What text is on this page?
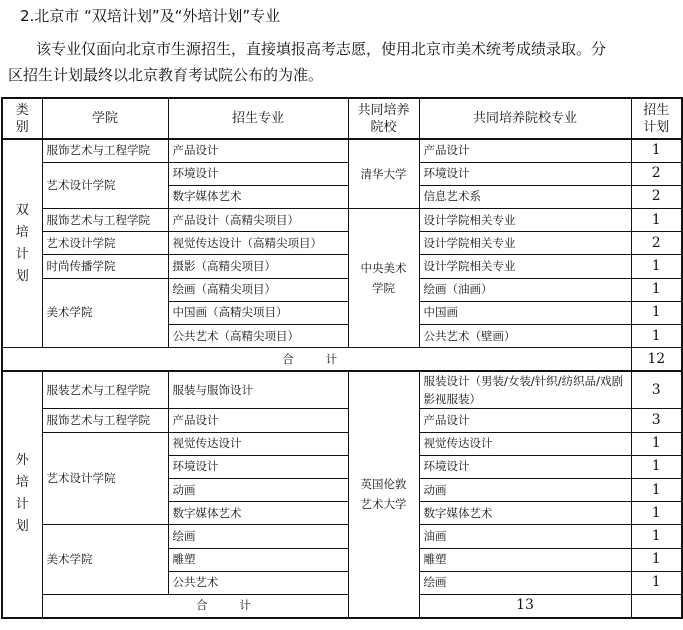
2.北京市 “双培计划”及“外培计划”专业
该专业仅面向北京市生源招生，直接填报高考志愿，使用北京市美术统考成绩录取。分
区招生计划最终以北京教育考试院公布的为准。
类别	学院	招生专业	共同培养院校	共同培养院校专业	招生计划
双培计划	服饰艺术与工程学院	产品设计	清华大学	产品设计	1
	艺术设计学院	环境设计		环境设计	2
		数字媒体艺术		信息艺术系	2
	服饰艺术与工程学院	产品设计（高精尖项目）	中央美术学院	设计学院相关专业	1
	艺术设计学院	视觉传达设计（高精尖项目）		设计学院相关专业	2
	时尚传播学院	摄影（高精尖项目）		设计学院相关专业	1
	美术学院	绘画（高精尖项目）		绘画（油画）	1
		中国画（高精尖项目）		中国画	1
		公共艺术（高精尖项目）		公共艺术（壁画）	1
合 计					12
外培计划	服装艺术与工程学院	服装与服饰设计	英国伦敦艺术大学	服装设计（男装/女装/针织/纺织品/戏剧影视服装）	3
	服饰艺术与工程学院	产品设计		产品设计	3
	艺术设计学院	视觉传达设计		视觉传达设计	1
		环境设计		环境设计	1
		动画		动画	1
		数字媒体艺术		数字媒体艺术	1
	美术学院	绘画		油画	1
		雕塑		雕塑	1
		公共艺术		绘画	1
	合 计			13	
